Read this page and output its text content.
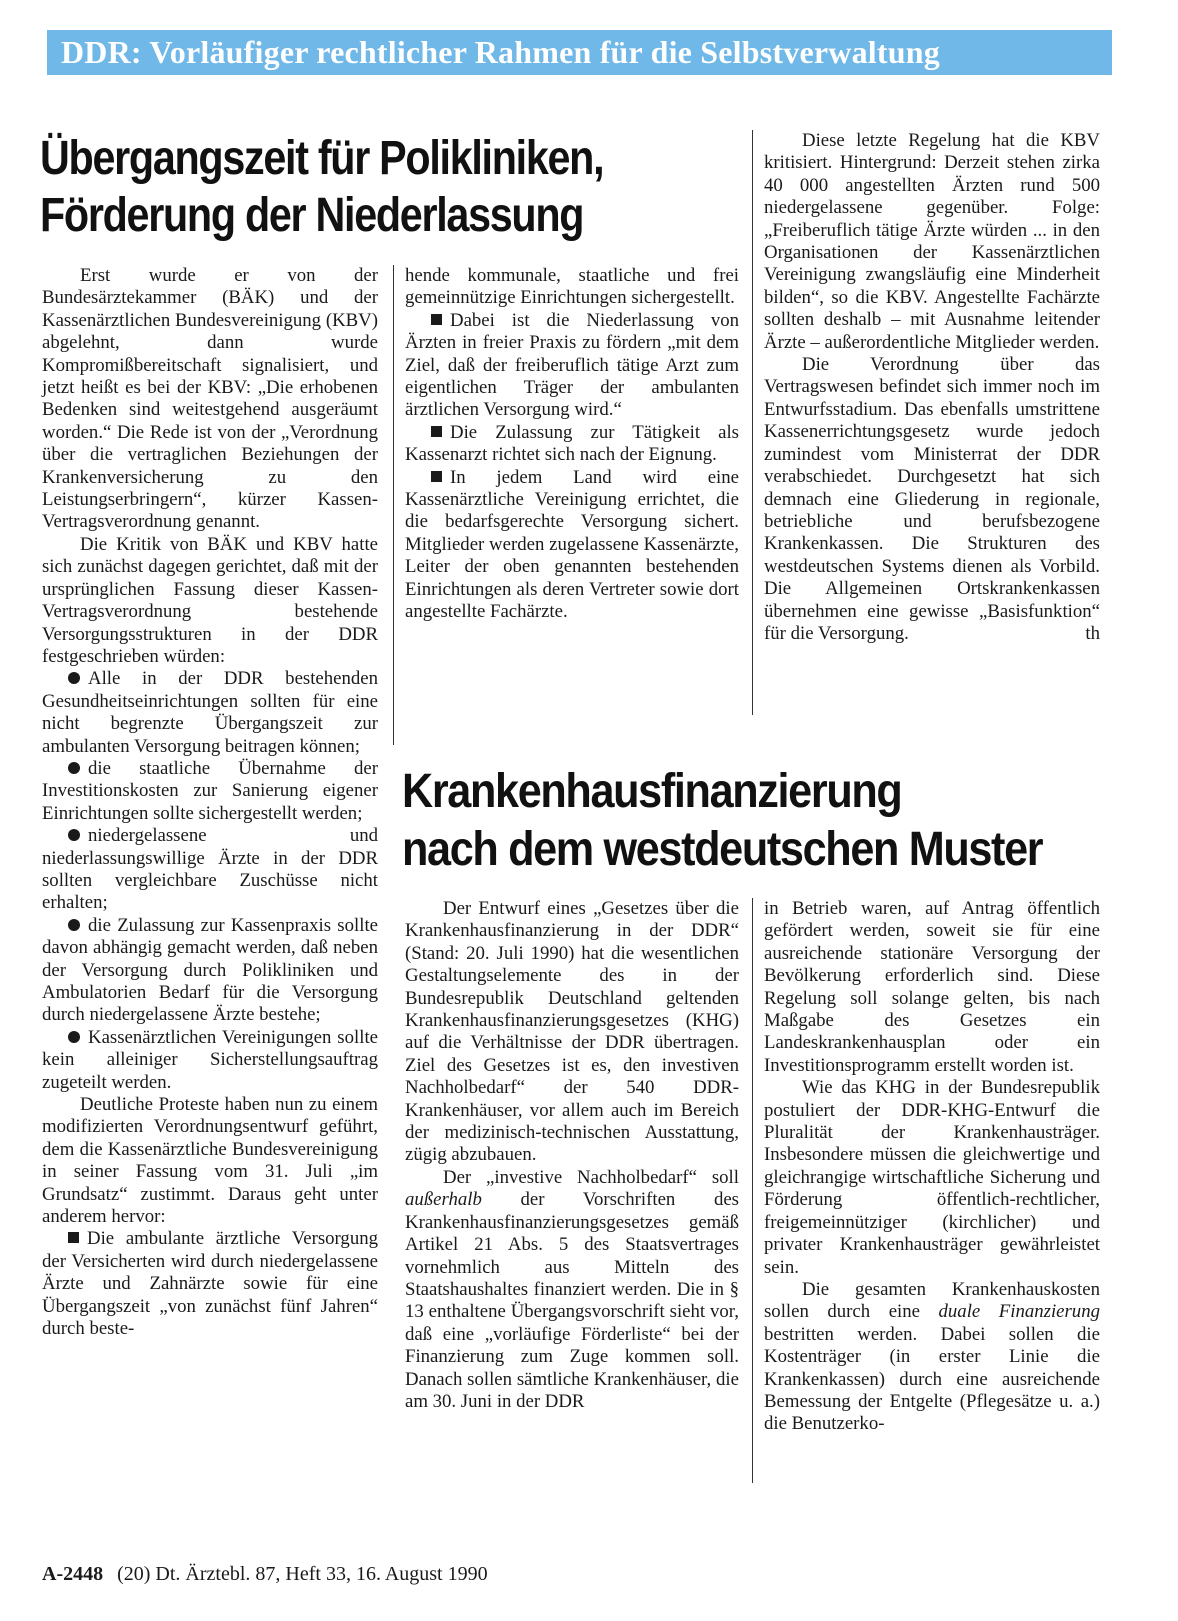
DDR: Vorläufiger rechtlicher Rahmen für die Selbstverwaltung
Übergangszeit für Polikliniken,
Förderung der Niederlassung

Erst wurde er von der Bundesärztekammer (BÄK) und der Kassenärztlichen Bundesvereinigung (KBV) abgelehnt, dann wurde Kompromißbereitschaft signalisiert, und jetzt heißt es bei der KBV: „Die erhobenen Bedenken sind weitestgehend ausgeräumt worden.“ Die Rede ist von der „Verordnung über die vertraglichen Beziehungen der Krankenversicherung zu den Leistungserbringern“, kürzer Kassen-Vertragsverordnung genannt.

Die Kritik von BÄK und KBV hatte sich zunächst dagegen gerichtet, daß mit der ursprünglichen Fassung dieser Kassen-Vertragsverordnung bestehende Versorgungsstrukturen in der DDR festgeschrieben würden:

Alle in der DDR bestehenden Gesundheitseinrichtungen sollten für eine nicht begrenzte Übergangszeit zur ambulanten Versorgung beitragen können;

die staatliche Übernahme der Investitionskosten zur Sanierung eigener Einrichtungen sollte sichergestellt werden;

niedergelassene und niederlassungswillige Ärzte in der DDR sollten vergleichbare Zuschüsse nicht erhalten;

die Zulassung zur Kassenpraxis sollte davon abhängig gemacht werden, daß neben der Versorgung durch Polikliniken und Ambulatorien Bedarf für die Versorgung durch niedergelassene Ärzte bestehe;

Kassenärztlichen Vereinigungen sollte kein alleiniger Sicherstellungsauftrag zugeteilt werden.

Deutliche Proteste haben nun zu einem modifizierten Verordnungsentwurf geführt, dem die Kassenärztliche Bundesvereinigung in seiner Fassung vom 31. Juli „im Grundsatz“ zustimmt. Daraus geht unter anderem hervor:

Die ambulante ärztliche Versorgung der Versicherten wird durch niedergelassene Ärzte und Zahnärzte sowie für eine Übergangszeit „von zunächst fünf Jahren“ durch beste-

hende kommunale, staatliche und frei gemeinnützige Einrichtungen sichergestellt.

Dabei ist die Niederlassung von Ärzten in freier Praxis zu fördern „mit dem Ziel, daß der freiberuflich tätige Arzt zum eigentlichen Träger der ambulanten ärztlichen Versorgung wird.“

Die Zulassung zur Tätigkeit als Kassenarzt richtet sich nach der Eignung.

In jedem Land wird eine Kassenärztliche Vereinigung errichtet, die die bedarfsgerechte Versorgung sichert. Mitglieder werden zugelassene Kassenärzte, Leiter der oben genannten bestehenden Einrichtungen als deren Vertreter sowie dort angestellte Fachärzte.

Diese letzte Regelung hat die KBV kritisiert. Hintergrund: Derzeit stehen zirka 40 000 angestellten Ärzten rund 500 niedergelassene gegenüber. Folge: „Freiberuflich tätige Ärzte würden ... in den Organisationen der Kassenärztlichen Vereinigung zwangsläufig eine Minderheit bilden“, so die KBV. Angestellte Fachärzte sollten deshalb – mit Ausnahme leitender Ärzte – außerordentliche Mitglieder werden.

Die Verordnung über das Vertragswesen befindet sich immer noch im Entwurfsstadium. Das ebenfalls umstrittene Kassenerrichtungsgesetz wurde jedoch zumindest vom Ministerrat der DDR verabschiedet. Durchgesetzt hat sich demnach eine Gliederung in regionale, betriebliche und berufsbezogene Krankenkassen. Die Strukturen des westdeutschen Systems dienen als Vorbild. Die Allgemeinen Ortskrankenkassen übernehmen eine gewisse „Basisfunktion“ für die Versorgung.	th

Krankenhausfinanzierung
nach dem westdeutschen Muster

Der Entwurf eines „Gesetzes über die Krankenhausfinanzierung in der DDR“ (Stand: 20. Juli 1990) hat die wesentlichen Gestaltungselemente des in der Bundesrepublik Deutschland geltenden Krankenhausfinanzierungsgesetzes (KHG) auf die Verhältnisse der DDR übertragen. Ziel des Gesetzes ist es, den investiven Nachholbedarf“ der 540 DDR-Krankenhäuser, vor allem auch im Bereich der medizinisch-technischen Ausstattung, zügig abzubauen.

Der „investive Nachholbedarf“ soll außerhalb der Vorschriften des Krankenhausfinanzierungsgesetzes gemäß Artikel 21 Abs. 5 des Staatsvertrages vornehmlich aus Mitteln des Staatshaushaltes finanziert werden. Die in § 13 enthaltene Übergangsvorschrift sieht vor, daß eine „vorläufige Förderliste“ bei der Finanzierung zum Zuge kommen soll. Danach sollen sämtliche Krankenhäuser, die am 30. Juni in der DDR

in Betrieb waren, auf Antrag öffentlich gefördert werden, soweit sie für eine ausreichende stationäre Versorgung der Bevölkerung erforderlich sind. Diese Regelung soll solange gelten, bis nach Maßgabe des Gesetzes ein Landeskrankenhausplan oder ein Investitionsprogramm erstellt worden ist.

Wie das KHG in der Bundesrepublik postuliert der DDR-KHG-Entwurf die Pluralität der Krankenhausträger. Insbesondere müssen die gleichwertige und gleichrangige wirtschaftliche Sicherung und Förderung öffentlich-rechtlicher, freigemeinnütziger (kirchlicher) und privater Krankenhausträger gewährleistet sein.

Die gesamten Krankenhauskosten sollen durch eine duale Finanzierung bestritten werden. Dabei sollen die Kostenträger (in erster Linie die Krankenkassen) durch eine ausreichende Bemessung der Entgelte (Pflegesätze u. a.) die Benutzerko-

A-2448 (20) Dt. Ärztebl. 87, Heft 33, 16. August 1990
